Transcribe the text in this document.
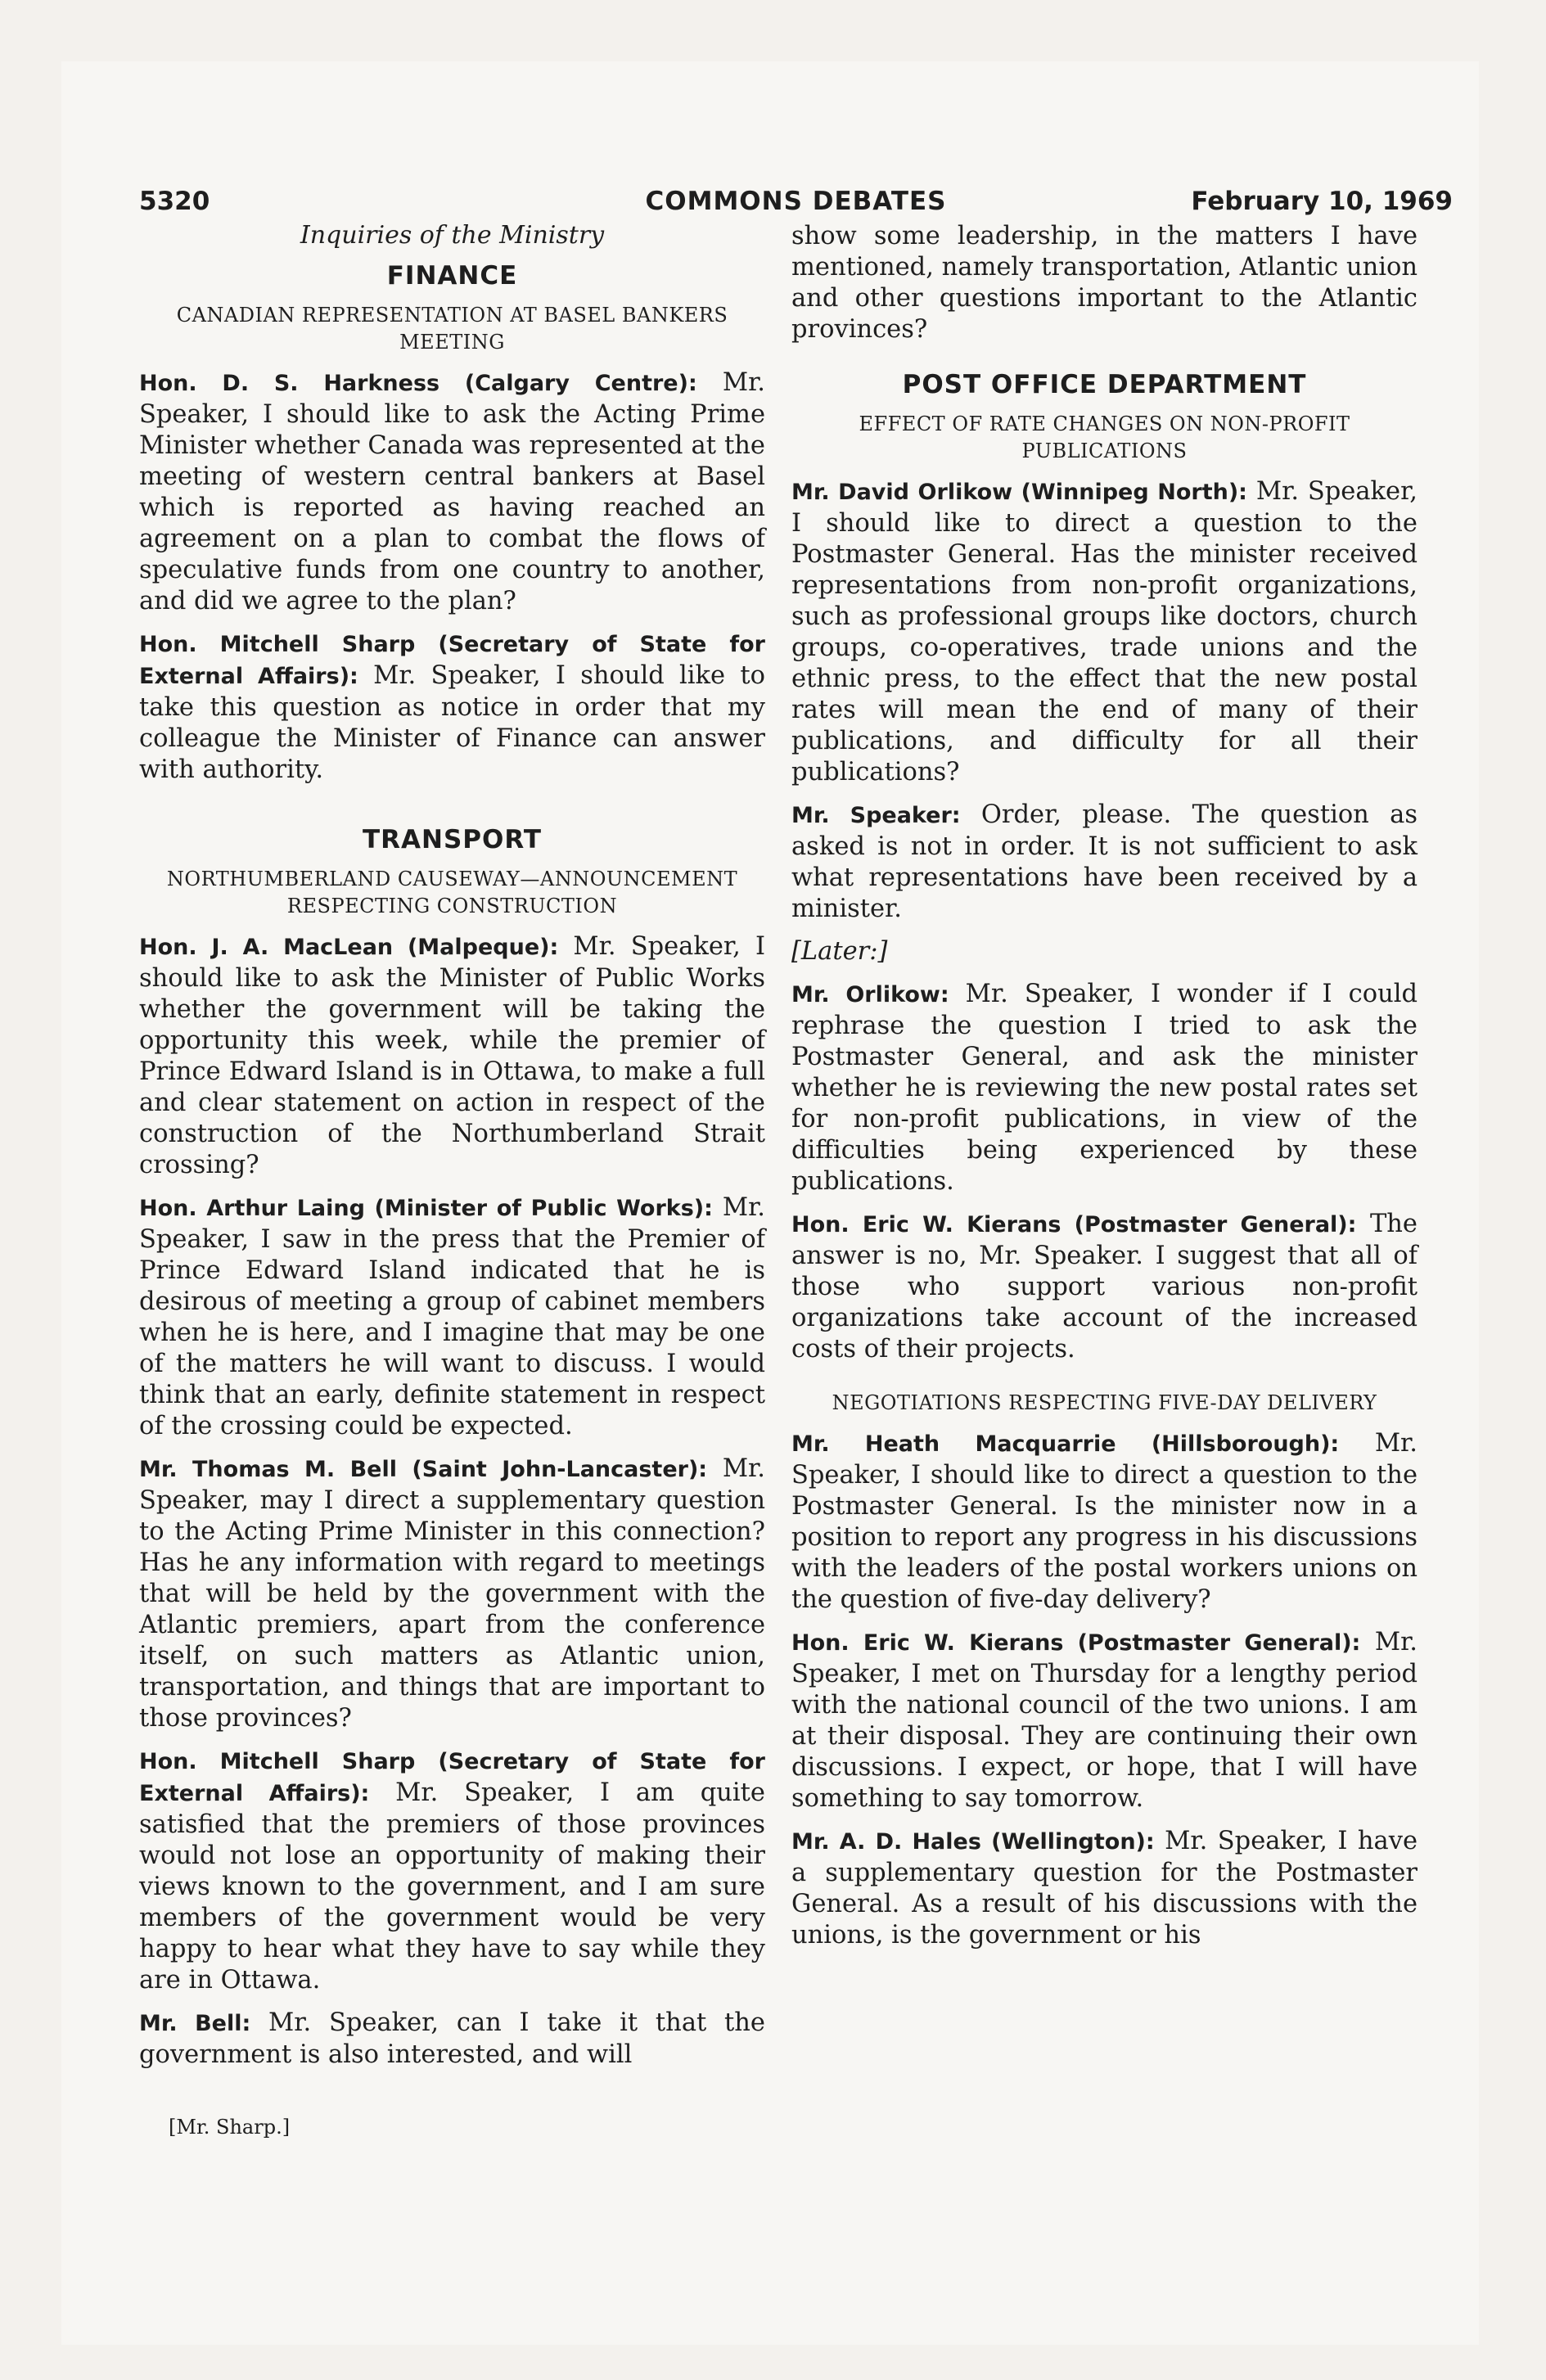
5320	COMMONS DEBATES	February 10, 1969
Inquiries of the Ministry
FINANCE
CANADIAN REPRESENTATION AT BASEL BANKERS MEETING

Hon. D. S. Harkness (Calgary Centre): Mr. Speaker, I should like to ask the Acting Prime Minister whether Canada was represented at the meeting of western central bankers at Basel which is reported as having reached an agreement on a plan to combat the flows of speculative funds from one country to another, and did we agree to the plan?

Hon. Mitchell Sharp (Secretary of State for External Affairs): Mr. Speaker, I should like to take this question as notice in order that my colleague the Minister of Finance can answer with authority.

TRANSPORT
NORTHUMBERLAND CAUSEWAY—ANNOUNCEMENT RESPECTING CONSTRUCTION

Hon. J. A. MacLean (Malpeque): Mr. Speaker, I should like to ask the Minister of Public Works whether the government will be taking the opportunity this week, while the premier of Prince Edward Island is in Ottawa, to make a full and clear statement on action in respect of the construction of the Northumberland Strait crossing?

Hon. Arthur Laing (Minister of Public Works): Mr. Speaker, I saw in the press that the Premier of Prince Edward Island indicated that he is desirous of meeting a group of cabinet members when he is here, and I imagine that may be one of the matters he will want to discuss. I would think that an early, definite statement in respect of the crossing could be expected.

Mr. Thomas M. Bell (Saint John-Lancaster): Mr. Speaker, may I direct a supplementary question to the Acting Prime Minister in this connection? Has he any information with regard to meetings that will be held by the government with the Atlantic premiers, apart from the conference itself, on such matters as Atlantic union, transportation, and things that are important to those provinces?

Hon. Mitchell Sharp (Secretary of State for External Affairs): Mr. Speaker, I am quite satisfied that the premiers of those provinces would not lose an opportunity of making their views known to the government, and I am sure members of the government would be very happy to hear what they have to say while they are in Ottawa.

Mr. Bell: Mr. Speaker, can I take it that the government is also interested, and will

[Mr. Sharp.]

show some leadership, in the matters I have mentioned, namely transportation, Atlantic union and other questions important to the Atlantic provinces?

POST OFFICE DEPARTMENT
EFFECT OF RATE CHANGES ON NON-PROFIT PUBLICATIONS

Mr. David Orlikow (Winnipeg North): Mr. Speaker, I should like to direct a question to the Postmaster General. Has the minister received representations from non-profit organizations, such as professional groups like doctors, church groups, co-operatives, trade unions and the ethnic press, to the effect that the new postal rates will mean the end of many of their publications, and difficulty for all their publications?

Mr. Speaker: Order, please. The question as asked is not in order. It is not sufficient to ask what representations have been received by a minister.

[Later:]

Mr. Orlikow: Mr. Speaker, I wonder if I could rephrase the question I tried to ask the Postmaster General, and ask the minister whether he is reviewing the new postal rates set for non-profit publications, in view of the difficulties being experienced by these publications.

Hon. Eric W. Kierans (Postmaster General): The answer is no, Mr. Speaker. I suggest that all of those who support various non-profit organizations take account of the increased costs of their projects.

NEGOTIATIONS RESPECTING FIVE-DAY DELIVERY

Mr. Heath Macquarrie (Hillsborough): Mr. Speaker, I should like to direct a question to the Postmaster General. Is the minister now in a position to report any progress in his discussions with the leaders of the postal workers unions on the question of five-day delivery?

Hon. Eric W. Kierans (Postmaster General): Mr. Speaker, I met on Thursday for a lengthy period with the national council of the two unions. I am at their disposal. They are continuing their own discussions. I expect, or hope, that I will have something to say tomorrow.

Mr. A. D. Hales (Wellington): Mr. Speaker, I have a supplementary question for the Postmaster General. As a result of his discussions with the unions, is the government or his
